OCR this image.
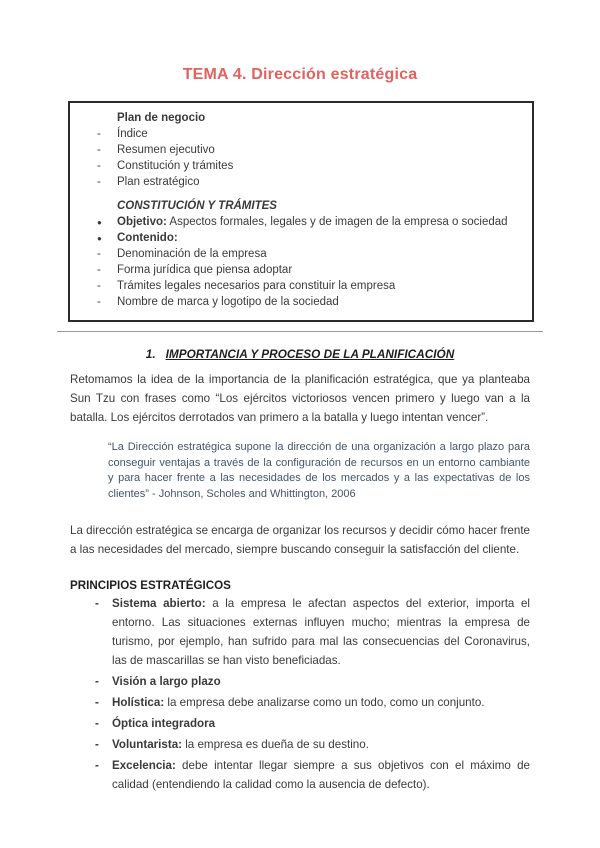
TEMA 4. Dirección estratégica
Plan de negocio
- Índice
- Resumen ejecutivo
- Constitución y trámites
- Plan estratégico
CONSTITUCIÓN Y TRÁMITES
● Objetivo: Aspectos formales, legales y de imagen de la empresa o sociedad
● Contenido:
- Denominación de la empresa
- Forma jurídica que piensa adoptar
- Trámites legales necesarios para constituir la empresa
- Nombre de marca y logotipo de la sociedad
1. IMPORTANCIA Y PROCESO DE LA PLANIFICACIÓN
Retomamos la idea de la importancia de la planificación estratégica, que ya planteaba Sun Tzu con frases como “Los ejércitos victoriosos vencen primero y luego van a la batalla. Los ejércitos derrotados van primero a la batalla y luego intentan vencer”.
“La Dirección estratégica supone la dirección de una organización a largo plazo para conseguir ventajas a través de la configuración de recursos en un entorno cambiante y para hacer frente a las necesidades de los mercados y a las expectativas de los clientes” - Johnson, Scholes and Whittington, 2006
La dirección estratégica se encarga de organizar los recursos y decidir cómo hacer frente a las necesidades del mercado, siempre buscando conseguir la satisfacción del cliente.
PRINCIPIOS ESTRATÉGICOS
- Sistema abierto: a la empresa le afectan aspectos del exterior, importa el entorno. Las situaciones externas influyen mucho; mientras la empresa de turismo, por ejemplo, han sufrido para mal las consecuencias del Coronavirus, las de mascarillas se han visto beneficiadas.
- Visión a largo plazo
- Holística: la empresa debe analizarse como un todo, como un conjunto.
- Óptica integradora
- Voluntarista: la empresa es dueña de su destino.
- Excelencia: debe intentar llegar siempre a sus objetivos con el máximo de calidad (entendiendo la calidad como la ausencia de defecto).
